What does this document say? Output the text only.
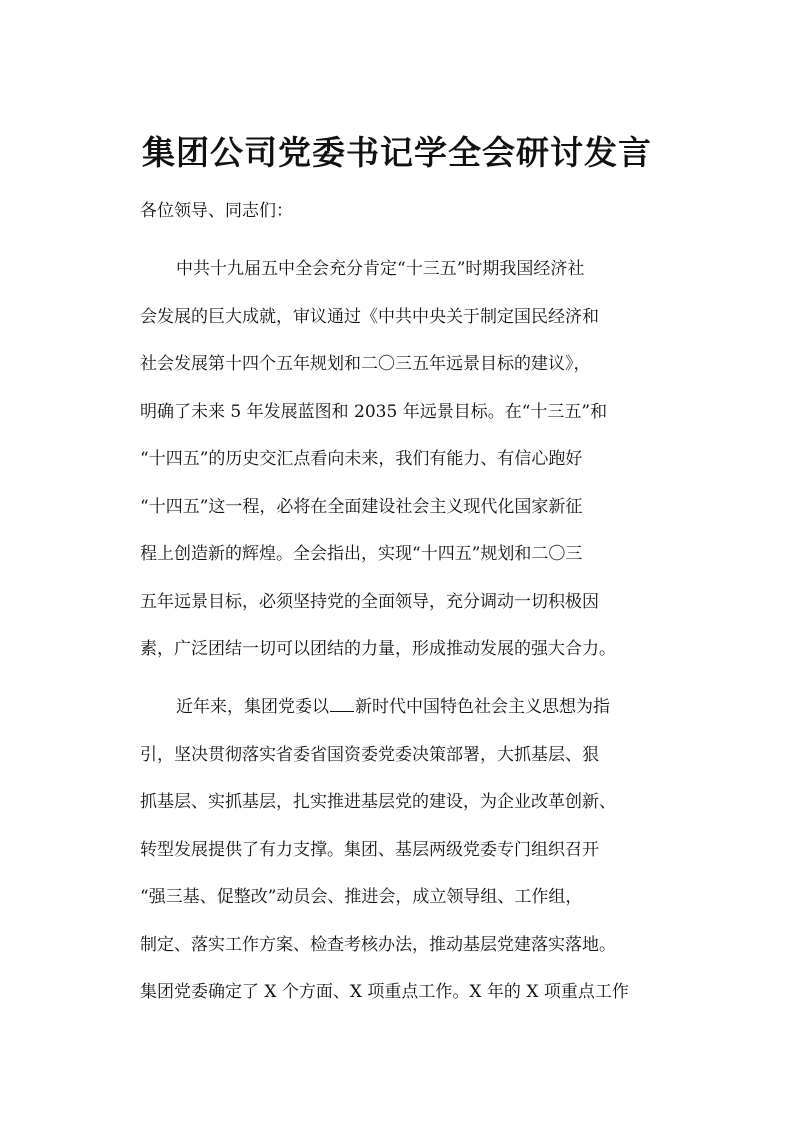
集团公司党委书记学全会研讨发言

各位领导、同志们：

中共十九届五中全会充分肯定“十三五”时期我国经济社
会发展的巨大成就，审议通过《中共中央关于制定国民经济和
社会发展第十四个五年规划和二〇三五年远景目标的建议》，
明确了未来 5 年发展蓝图和 2035 年远景目标。在“十三五”和
“十四五”的历史交汇点看向未来，我们有能力、有信心跑好
“十四五”这一程，必将在全面建设社会主义现代化国家新征
程上创造新的辉煌。全会指出，实现“十四五”规划和二〇三
五年远景目标，必须坚持党的全面领导，充分调动一切积极因
素，广泛团结一切可以团结的力量，形成推动发展的强大合力。
近年来，集团党委以 新时代中国特色社会主义思想为指
引，坚决贯彻落实省委省国资委党委决策部署，大抓基层、狠
抓基层、实抓基层，扎实推进基层党的建设，为企业改革创新、
转型发展提供了有力支撑。集团、基层两级党委专门组织召开
“强三基、促整改”动员会、推进会，成立领导组、工作组，
制定、落实工作方案、检查考核办法，推动基层党建落实落地。
集团党委确定了 X 个方面、X 项重点工作。X 年的 X 项重点工作
